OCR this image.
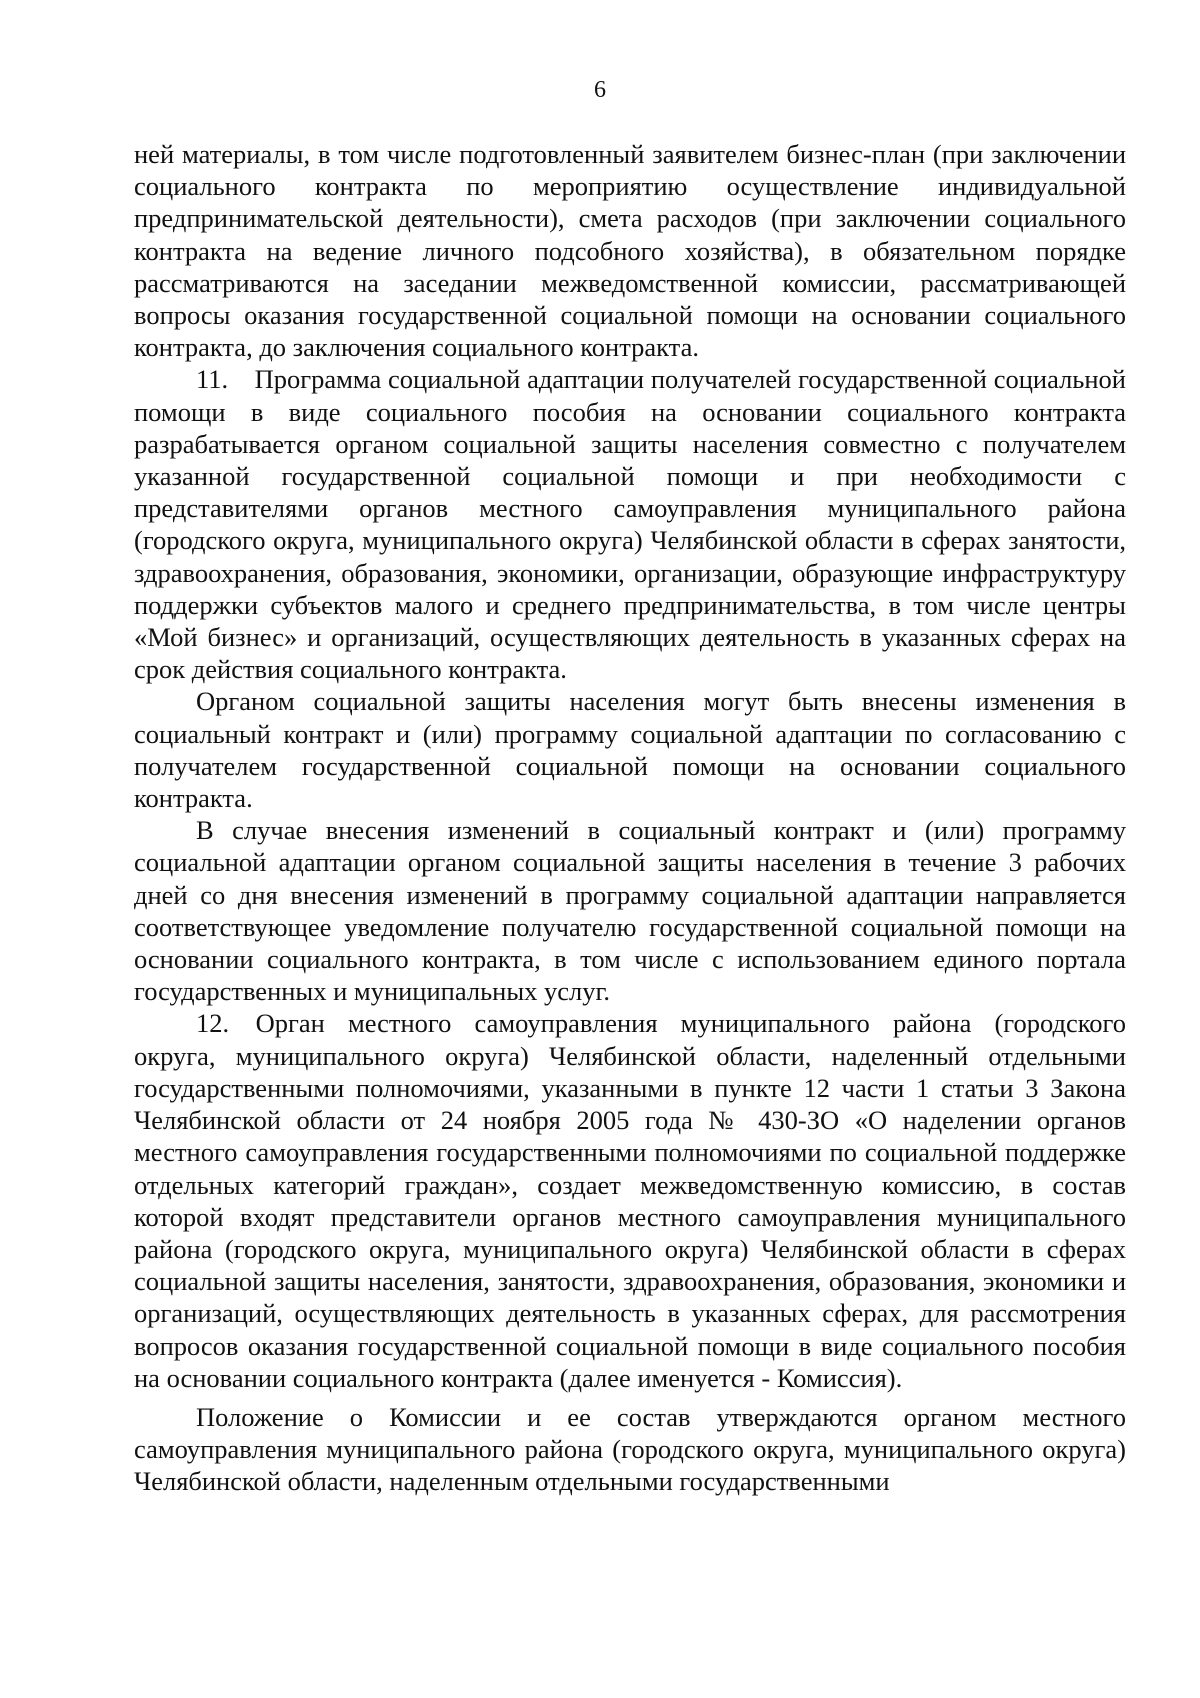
6

ней материалы, в том числе подготовленный заявителем бизнес-план (при заключении социального контракта по мероприятию осуществление индивидуальной предпринимательской деятельности), смета расходов (при заключении социального контракта на ведение личного подсобного хозяйства), в обязательном порядке рассматриваются на заседании межведомственной комиссии, рассматривающей вопросы оказания государственной социальной помощи на основании социального контракта, до заключения социального контракта.

11. Программа социальной адаптации получателей государственной социальной помощи в виде социального пособия на основании социального контракта разрабатывается органом социальной защиты населения совместно с получателем указанной государственной социальной помощи и при необходимости с представителями органов местного самоуправления муниципального района (городского округа, муниципального округа) Челябинской области в сферах занятости, здравоохранения, образования, экономики, организации, образующие инфраструктуру поддержки субъектов малого и среднего предпринимательства, в том числе центры «Мой бизнес» и организаций, осуществляющих деятельность в указанных сферах на срок действия социального контракта.

Органом социальной защиты населения могут быть внесены изменения в социальный контракт и (или) программу социальной адаптации по согласованию с получателем государственной социальной помощи на основании социального контракта.

В случае внесения изменений в социальный контракт и (или) программу социальной адаптации органом социальной защиты населения в течение 3 рабочих дней со дня внесения изменений в программу социальной адаптации направляется соответствующее уведомление получателю государственной социальной помощи на основании социального контракта, в том числе с использованием единого портала государственных и муниципальных услуг.

12. Орган местного самоуправления муниципального района (городского округа, муниципального округа) Челябинской области, наделенный отдельными государственными полномочиями, указанными в пункте 12 части 1 статьи 3 Закона Челябинской области от 24 ноября 2005 года № 430-ЗО «О наделении органов местного самоуправления государственными полномочиями по социальной поддержке отдельных категорий граждан», создает межведомственную комиссию, в состав которой входят представители органов местного самоуправления муниципального района (городского округа, муниципального округа) Челябинской области в сферах социальной защиты населения, занятости, здравоохранения, образования, экономики и организаций, осуществляющих деятельность в указанных сферах, для рассмотрения вопросов оказания государственной социальной помощи в виде социального пособия на основании социального контракта (далее именуется - Комиссия).

Положение о Комиссии и ее состав утверждаются органом местного самоуправления муниципального района (городского округа, муниципального округа) Челябинской области, наделенным отдельными государственными
